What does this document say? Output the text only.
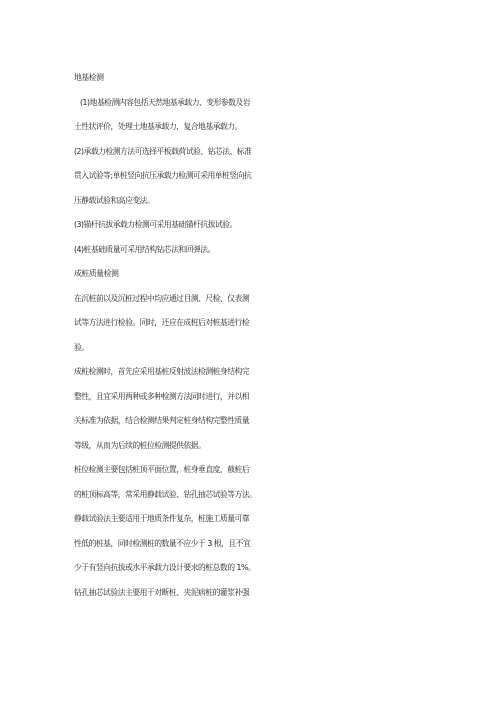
地基检测
(1)地基检测内容包括天然地基承载力、变形参数及岩
土性状评价，处理土地基承载力，复合地基承载力。
(2)承载力检测方法可选择平板载荷试验、钻芯法、标准
贯入试验等;单桩竖向抗压承载力检测可采用单桩竖向抗
压静载试验和高应变法。
(3)锚杆抗拔承载力检测可采用基础锚杆抗拔试验。
(4)桩基础质量可采用结构钻芯法和回弹法。
成桩质量检测
在沉桩前以及沉桩过程中均应通过目测、尺检、仪表测
试等方法进行检验。同时，还应在成桩后对桩基进行检
验。
成桩检测时，首先应采用基桩反射波法检测桩身结构完
整性，且宜采用两种或多种检测方法同时进行，并以相
关标准为依据，结合检测结果判定桩身结构完整性质量
等级，从而为后续的桩位检测提供依据。
桩位检测主要包括桩顶平面位置，桩身垂直度，截桩后
的桩顶标高等，常采用静载试验、钻孔抽芯试验等方法。
静载试验法主要适用于地质条件复杂，桩施工质量可靠
性低的桩基，同时检测桩的数量不应少于 3 根，且不宜
少于有竖向抗拔或水平承载力设计要求的桩总数的 1%。
钻孔抽芯试验法主要用于对断桩、夹泥病桩的灌浆补强
